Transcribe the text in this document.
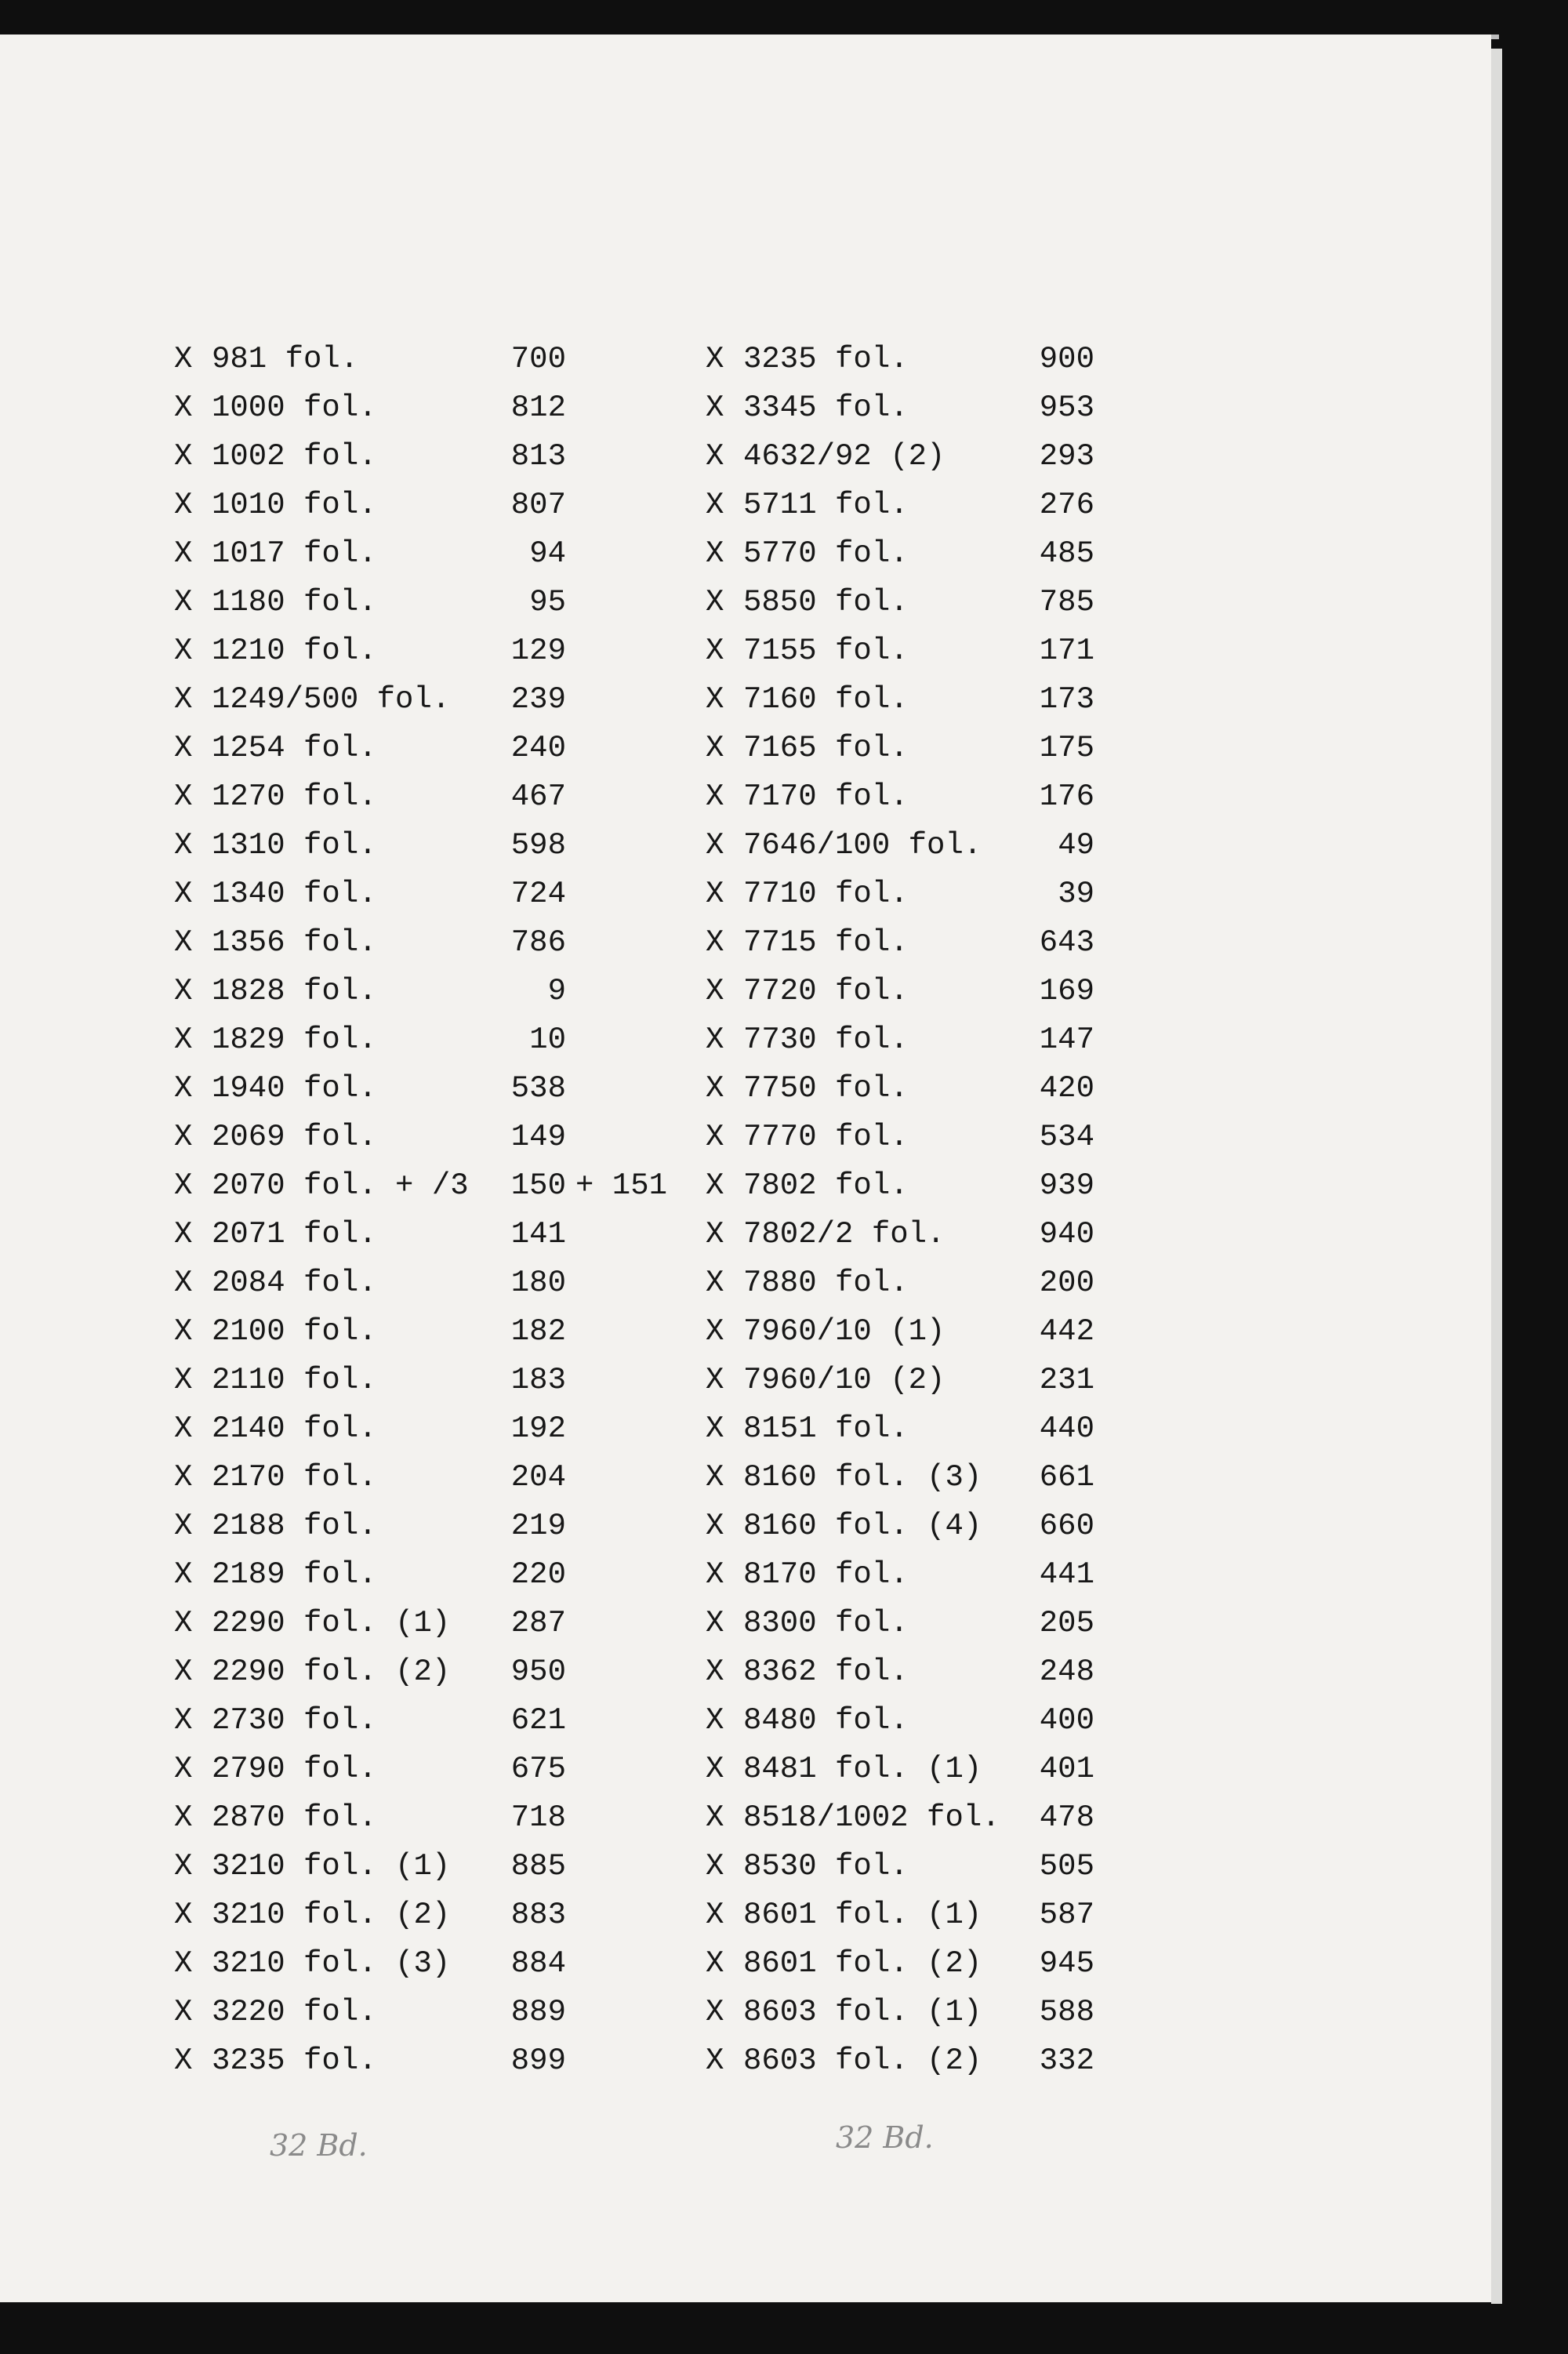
X 981 fol.	700
X 1000 fol.	812
X 1002 fol.	813
X 1010 fol.	807
X 1017 fol.	94
X 1180 fol.	95
X 1210 fol.	129
X 1249/500 fol.	239
X 1254 fol.	240
X 1270 fol.	467
X 1310 fol.	598
X 1340 fol.	724
X 1356 fol.	786
X 1828 fol.	9
X 1829 fol.	10
X 1940 fol.	538
X 2069 fol.	149
X 2070 fol. + /3	150 + 151
X 2071 fol.	141
X 2084 fol.	180
X 2100 fol.	182
X 2110 fol.	183
X 2140 fol.	192
X 2170 fol.	204
X 2188 fol.	219
X 2189 fol.	220
X 2290 fol. (1)	287
X 2290 fol. (2)	950
X 2730 fol.	621
X 2790 fol.	675
X 2870 fol.	718
X 3210 fol. (1)	885
X 3210 fol. (2)	883
X 3210 fol. (3)	884
X 3220 fol.	889
X 3235 fol.	899
X 3235 fol.	900
X 3345 fol.	953
X 4632/92 (2)	293
X 5711 fol.	276
X 5770 fol.	485
X 5850 fol.	785
X 7155 fol.	171
X 7160 fol.	173
X 7165 fol.	175
X 7170 fol.	176
X 7646/100 fol.	49
X 7710 fol.	39
X 7715 fol.	643
X 7720 fol.	169
X 7730 fol.	147
X 7750 fol.	420
X 7770 fol.	534
X 7802 fol.	939
X 7802/2 fol.	940
X 7880 fol.	200
X 7960/10 (1)	442
X 7960/10 (2)	231
X 8151 fol.	440
X 8160 fol. (3)	661
X 8160 fol. (4)	660
X 8170 fol.	441
X 8300 fol.	205
X 8362 fol.	248
X 8480 fol.	400
X 8481 fol. (1)	401
X 8518/1002 fol.	478
X 8530 fol.	505
X 8601 fol. (1)	587
X 8601 fol. (2)	945
X 8603 fol. (1)	588
X 8603 fol. (2)	332
32 Bd.	32 Bd.
